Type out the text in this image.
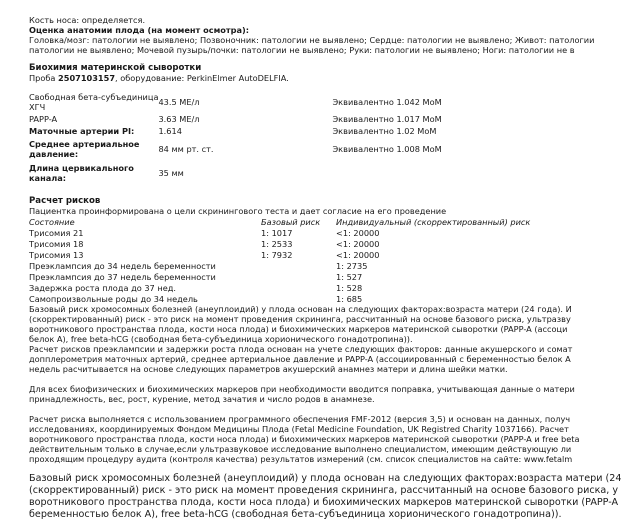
Кость носа: определяется.
Оценка анатомии плода (на момент осмотра):
Головка/мозг: патологии не выявлено; Позвоночник: патологии не выявлено; Сердце: патологии не выявлено; Живот: патологии
патологии не выявлено; Мочевой пузырь/почки: патологии не выявлено; Руки: патологии не выявлено; Ноги: патологии не в
Биохимия материнской сыворотки
Проба 2507103157, оборудование: PerkinElmer AutoDELFIA.
Свободная бета-субъединица
ХГЧ	43.5 МЕ/л	Эквивалентно 1.042 МоМ

PAPP-A	3.63 МЕ/л	Эквивалентно 1.017 МоМ

Маточные артерии PI:	1.614	Эквивалентно 1.02 МоМ

Среднее артериальное
давление:	84 мм рт. ст.	Эквивалентно 1.008 МоМ

Длина цервикального
канала:	35 мм	
Расчет рисков
Пациентка проинформирована о цели скринингового теста и дает согласие на его проведение
Состояние	Базовый риск	Индивидуальный (скорректированный) риск
Трисомия 21	1: 1017	<1: 20000
Трисомия 18	1: 2533	<1: 20000
Трисомия 13	1: 7932	<1: 20000
Преэклампсия до 34 недель беременности		1: 2735
Преэклампсия до 37 недель беременности		1: 527
Задержка роста плода до 37 нед.		1: 528
Самопроизвольные роды до 34 недель		1: 685
Базовый риск хромосомных болезней (анеуплоидий) у плода основан на следующих факторах:возраста матери (24 года). И
(скорректированный) риск - это риск на момент проведения скрининга, рассчитанный на основе базового риска, ультразву
воротникового пространства плода, кости носа плода) и биохимических маркеров материнской сыворотки (PAPP-A (ассоци
белок А), free beta-hCG (свободная бета-субъединица хорионического гонадотропина)).
Расчет рисков преэклампсии и задержки роста плода основан на учете следующих факторов: данные акушерского и сомат
допплерометрия маточных артерий, среднее артериальное давление и PAPP-A (ассоциированный с беременностью белок А
недель расчитывается на основе следующих параметров акушерский анамнез матери и длина шейки матки.
Для всех биофизических и биохимических маркеров при необходимости вводится поправка, учитывающая данные о матери
принадлежность, вес, рост, курение, метод зачатия и число родов в анамнезе.
Расчет риска выполняется с использованием программного обеспечения FMF-2012 (версия 3,5) и основан на данных, получ
исследованиях, координируемых Фондом Медицины Плода (Fetal Medicine Foundation, UK Registred Charity 1037166). Расчет
воротникового пространства плода, кости носа плода) и биохимических маркеров материнской сыворотки (PAPP-A и free beta
действительным только в случае,если ультразвуковое исследование выполнено специалистом, имеющим действующую ли
проходящим процедуру аудита (контроля качества) результатов измерений (см. список специалистов на сайте: www.fetalm
Базовый риск хромосомных болезней (анеуплоидий) у плода основан на следующих факторах:возраста матери (24
(скорректированный) риск - это риск на момент проведения скрининга, рассчитанный на основе базового риска, у
воротникового пространства плода, кости носа плода) и биохимических маркеров материнской сыворотки (PAPP-A
беременностью белок А), free beta-hCG (свободная бета-субъединица хорионического гонадотропина)).
